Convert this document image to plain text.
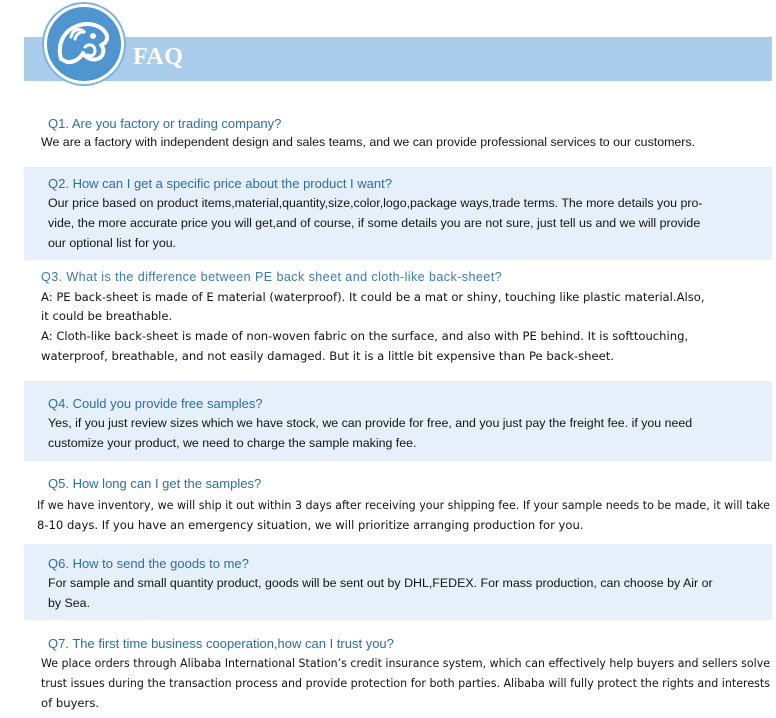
FAQ
Q1. Are you factory or trading company?
We are a factory with independent design and sales teams, and we can provide professional services to our customers.
Q2. How can I get a specific price about the product I want?
Our price based on product items,material,quantity,size,color,logo,package ways,trade terms. The more details you pro-
vide, the more accurate price you will get,and of course, if some details you are not sure, just tell us and we will provide
our optional list for you.
Q3. What is the difference between PE back sheet and cloth-like back-sheet?
A: PE back-sheet is made of E material (waterproof). It could be a mat or shiny, touching like plastic material.Also,
it could be breathable.
A: Cloth-like back-sheet is made of non-woven fabric on the surface, and also with PE behind. It is softtouching,
waterproof, breathable, and not easily damaged. But it is a little bit expensive than Pe back-sheet.
Q4. Could you provide free samples?
Yes, if you just review sizes which we have stock, we can provide for free, and you just pay the freight fee. if you need
customize your product, we need to charge the sample making fee.
Q5. How long can I get the samples?
If we have inventory, we will ship it out within 3 days after receiving your shipping fee. If your sample needs to be made, it will take
8-10 days. If you have an emergency situation, we will prioritize arranging production for you.
Q6. How to send the goods to me?
For sample and small quantity product, goods will be sent out by DHL,FEDEX. For mass production, can choose by Air or
by Sea.
Q7. The first time business cooperation,how can I trust you?
We place orders through Alibaba International Station’s credit insurance system, which can effectively help buyers and sellers solve
trust issues during the transaction process and provide protection for both parties. Alibaba will fully protect the rights and interests
of buyers.
